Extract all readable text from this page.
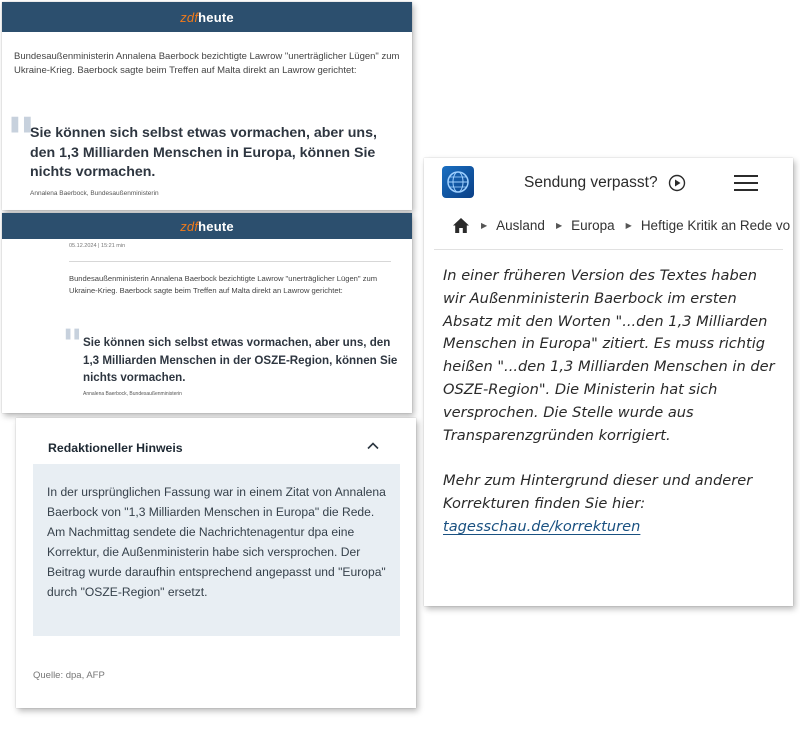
zdf heute
Bundesaußenministerin Annalena Baerbock bezichtigte Lawrow "unerträglicher Lügen" zum Ukraine-Krieg. Baerbock sagte beim Treffen auf Malta direkt an Lawrow gerichtet:
"
Sie können sich selbst etwas vormachen, aber uns, den 1,3 Milliarden Menschen in Europa, können Sie nichts vormachen.
Annalena Baerbock, Bundesaußenministerin
zdf heute
05.12.2024 | 15:21 min
Bundesaußenministerin Annalena Baerbock bezichtigte Lawrow "unerträglicher Lügen" zum Ukraine-Krieg. Baerbock sagte beim Treffen auf Malta direkt an Lawrow gerichtet:
" Sie können sich selbst etwas vormachen, aber uns, den 1,3 Milliarden Menschen in der OSZE-Region, können Sie nichts vormachen.
Annalena Baerbock, Bundesaußenministerin
Redaktioneller Hinweis
In der ursprünglichen Fassung war in einem Zitat von Annalena Baerbock von "1,3 Milliarden Menschen in Europa" die Rede. Am Nachmittag sendete die Nachrichtenagentur dpa eine Korrektur, die Außenministerin habe sich versprochen. Der Beitrag wurde daraufhin entsprechend angepasst und "Europa" durch "OSZE-Region" ersetzt.
Quelle: dpa, AFP
Sendung verpasst?
▶ Ausland ▶ Europa ▶ Heftige Kritik an Rede vo
In einer früheren Version des Textes haben wir Außenministerin Baerbock im ersten Absatz mit den Worten "...den 1,3 Milliarden Menschen in Europa" zitiert. Es muss richtig heißen "...den 1,3 Milliarden Menschen in der OSZE-Region". Die Ministerin hat sich versprochen. Die Stelle wurde aus Transparenzgründen korrigiert.
Mehr zum Hintergrund dieser und anderer Korrekturen finden Sie hier:
tagesschau.de/korrekturen
